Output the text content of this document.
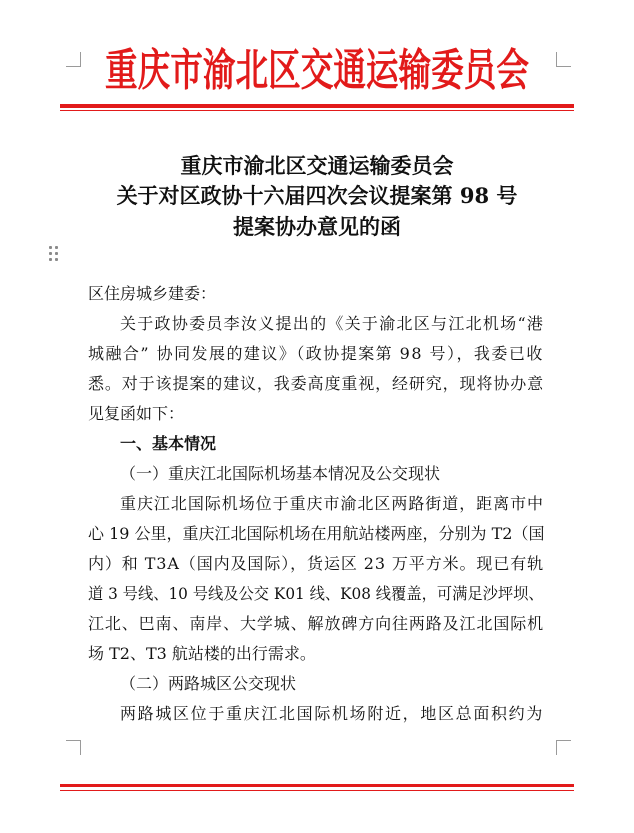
重庆市渝北区交通运输委员会
重庆市渝北区交通运输委员会
关于对区政协十六届四次会议提案第 98 号
提案协办意见的函
区住房城乡建委：
关于政协委员李汝义提出的《关于渝北区与江北机场“港
城融合” 协同发展的建议》（政协提案第 98 号），我委已收
悉。对于该提案的建议，我委高度重视，经研究，现将协办意
见复函如下：
一、基本情况
（一）重庆江北国际机场基本情况及公交现状
重庆江北国际机场位于重庆市渝北区两路街道，距离市中
心 19 公里，重庆江北国际机场在用航站楼两座，分别为 T2（国
内）和 T3A（国内及国际），货运区 23 万平方米。现已有轨
道 3 号线、10 号线及公交 K01 线、K08 线覆盖，可满足沙坪坝、
江北、巴南、南岸、大学城、解放碑方向往两路及江北国际机
场 T2、T3 航站楼的出行需求。
（二）两路城区公交现状
两路城区位于重庆江北国际机场附近，地区总面积约为
